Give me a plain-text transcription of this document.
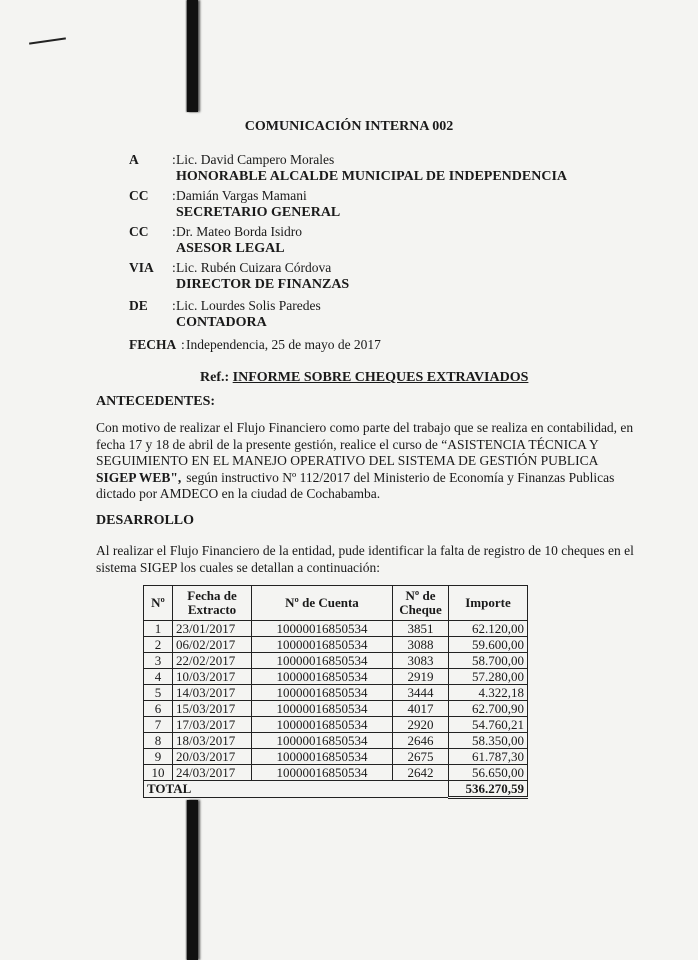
COMUNICACIÓN INTERNA 002
A : Lic. David Campero Morales
HONORABLE ALCALDE MUNICIPAL DE INDEPENDENCIA
CC : Damián Vargas Mamani
SECRETARIO GENERAL
CC : Dr. Mateo Borda Isidro
ASESOR LEGAL
VIA : Lic. Rubén Cuizara Córdova
DIRECTOR DE FINANZAS
DE : Lic. Lourdes Solis Paredes
CONTADORA
FECHA : Independencia, 25 de mayo de 2017
Ref.: INFORME SOBRE CHEQUES EXTRAVIADOS
ANTECEDENTES:
Con motivo de realizar el Flujo Financiero como parte del trabajo que se realiza en contabilidad, en
fecha 17 y 18 de abril de la presente gestión, realice el curso de “ASISTENCIA TÉCNICA Y
SEGUIMIENTO EN EL MANEJO OPERATIVO DEL SISTEMA DE GESTIÓN PUBLICA
SIGEP WEB", según instructivo Nº 112/2017 del Ministerio de Economía y Finanzas Publicas
dictado por AMDECO en la ciudad de Cochabamba.
DESARROLLO
Al realizar el Flujo Financiero de la entidad, pude identificar la falta de registro de 10 cheques en el
sistema SIGEP los cuales se detallan a continuación:
Nº	Fecha de Extracto	Nº de Cuenta	Nº de Cheque	Importe
1	23/01/2017	10000016850534	3851	62.120,00
2	06/02/2017	10000016850534	3088	59.600,00
3	22/02/2017	10000016850534	3083	58.700,00
4	10/03/2017	10000016850534	2919	57.280,00
5	14/03/2017	10000016850534	3444	4.322,18
6	15/03/2017	10000016850534	4017	62.700,90
7	17/03/2017	10000016850534	2920	54.760,21
8	18/03/2017	10000016850534	2646	58.350,00
9	20/03/2017	10000016850534	2675	61.787,30
10	24/03/2017	10000016850534	2642	56.650,00
TOTAL				536.270,59
